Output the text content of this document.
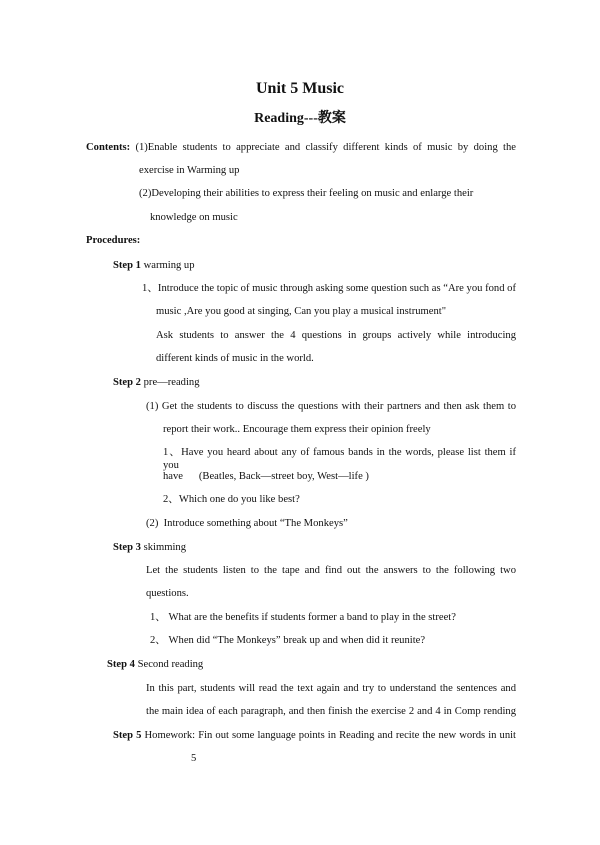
Unit 5 Music
Reading---教案
Contents: (1)Enable students to appreciate and classify different kinds of music by doing the
exercise in Warming up
(2)Developing their abilities to express their feeling on music and enlarge their
knowledge on music
Procedures:
Step 1 warming up
1、Introduce the topic of music through asking some question such as “Are you fond of
music ,Are you good at singing, Can you play a musical instrument"
Ask students to answer the 4 questions in groups actively while introducing
different kinds of music in the world.
Step 2 pre—reading
(1) Get the students to discuss the questions with their partners and then ask them to
report their work.. Encourage them express their opinion freely
1、Have you heard about any of famous bands in the words, please list them if you
have      (Beatles, Back—street boy, West—life )
2、Which one do you like best?
(2)  Introduce something about “The Monkeys”
Step 3 skimming
Let the students listen to the tape and find out the answers to the following two
questions.
1、 What are the benefits if students former a band to play in the street?
2、 When did “The Monkeys” break up and when did it reunite?
Step 4 Second reading
In this part, students will read the text again and try to understand the sentences and
the main idea of each paragraph, and then finish the exercise 2 and 4 in Comp rending
Step 5 Homework: Fin out some language points in Reading and recite the new words in unit
5
